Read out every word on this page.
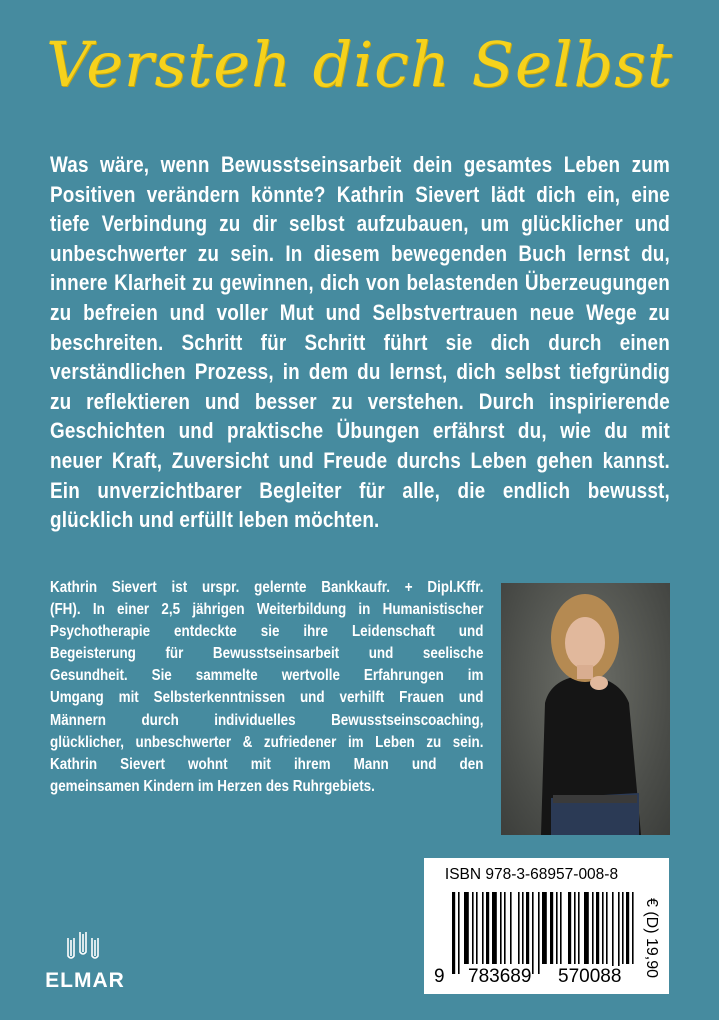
Versteh dich Selbst
Was wäre, wenn Bewusstseinsarbeit dein gesamtes Leben zum
Positiven verändern könnte? Kathrin Sievert lädt dich ein, eine
tiefe Verbindung zu dir selbst aufzubauen, um glücklicher und
unbeschwerter zu sein. In diesem bewegenden Buch lernst du,
innere Klarheit zu gewinnen, dich von belastenden Überzeugungen
zu befreien und voller Mut und Selbstvertrauen neue Wege zu
beschreiten. Schritt für Schritt führt sie dich durch einen
verständlichen Prozess, in dem du lernst, dich selbst tiefgründig
zu reflektieren und besser zu verstehen. Durch inspirierende
Geschichten und praktische Übungen erfährst du, wie du mit
neuer Kraft, Zuversicht und Freude durchs Leben gehen kannst.
Ein unverzichtbarer Begleiter für alle, die endlich bewusst,
glücklich und erfüllt leben möchten.
Kathrin Sievert ist urspr. gelernte Bankkaufr. + Dipl.Kffr.
(FH). In einer 2,5 jährigen Weiterbildung in Humanistischer
Psychotherapie entdeckte sie ihre Leidenschaft und
Begeisterung für Bewusstseinsarbeit und seelische
Gesundheit. Sie sammelte wertvolle Erfahrungen im
Umgang mit Selbsterkenntnissen und verhilft Frauen und
Männern durch individuelles Bewusstseinscoaching,
glücklicher, unbeschwerter & zufriedener im Leben zu sein.
Kathrin Sievert wohnt mit ihrem Mann und den
gemeinsamen Kindern im Herzen des Ruhrgebiets.
ISBN 978-3-68957-008-8
9 783689 570088 € (D) 19,90
ELMAR
